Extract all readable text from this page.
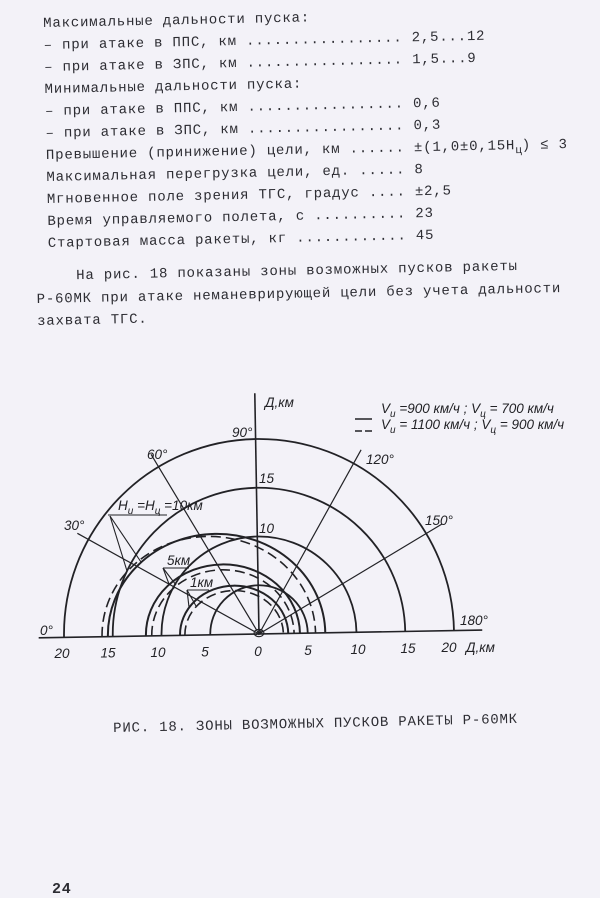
Максимальные дальности пуска:
– при атаке в ППС, км ................. 2,5...12
– при атаке в ЗПС, км ................. 1,5...9
Минимальные дальности пуска:
– при атаке в ППС, км ................. 0,6
– при атаке в ЗПС, км ................. 0,3
Превышение (принижение) цели, км ...... $\pm(1,0\pm 0,15Н_ц) \le 3$
Максимальная перегрузка цели, ед. ..... 8
Мгновенное поле зрения ТГС, градус .... ±2,5
Время управляемого полета, с .......... 23
Стартовая масса ракеты, кг ............ 45
На рис. 18 показаны зоны возможных пусков ракеты
Р-60МК при атаке неманеврирующей цели без учета дальности
захвата ТГС.
20 15	10	5	0	5	10	15 20 Д,км
15
10
Д,км
0°
30°
60°
90°
120°
150°
180°
$V_и =900$ км/ч ; $V_ц = 700$ км/ч
$V_и = 1100$ км/ч ; $V_ц = 900$ км/ч
$H_и =H_ц =10км$
5км
1км
РИС. 18. ЗОНЫ ВОЗМОЖНЫХ ПУСКОВ РАКЕТЫ Р-60МК
24
